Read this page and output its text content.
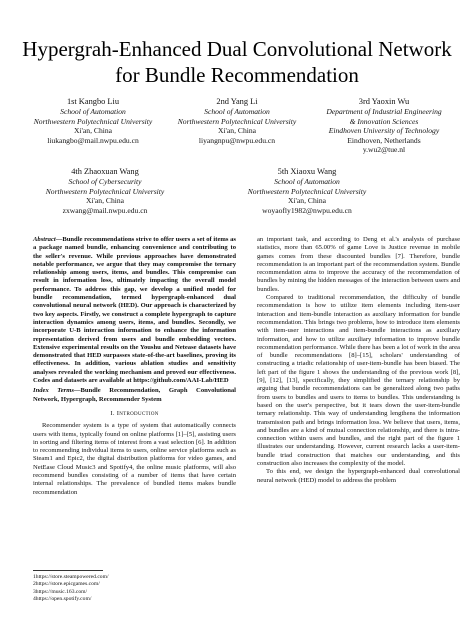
Hypergrah-Enhanced Dual Convolutional Network for Bundle Recommendation
1st Kangbo Liu
School of Automation
Northwestern Polytechnical University
Xi'an, China
liukangbo@mail.nwpu.edu.cn
2nd Yang Li
School of Automation
Northwestern Polytechnical University
Xi'an, China
liyangnpu@nwpu.edu.cn
3rd Yaoxin Wu
Department of Industrial Engineering
& Innovation Sciences
Eindhoven University of Technology
Eindhoven, Netherlands
y.wu2@tue.nl
4th Zhaoxuan Wang
School of Cybersecurity
Northwestern Polytechnical University
Xi'an, China
zxwang@mail.nwpu.edu.cn
5th Xiaoxu Wang
School of Automation
Northwestern Polytechnical University
Xi'an, China
woyaofly1982@nwpu.edu.cn
Abstract—Bundle recommendations strive to offer users a set of items as a package named bundle, enhancing convenience and contributing to the seller's revenue. While previous approaches have demonstrated notable performance, we argue that they may compromise the ternary relationship among users, items, and bundles. This compromise can result in information loss, ultimately impacting the overall model performance. To address this gap, we develop a unified model for bundle recommendation, termed hypergraph-enhanced dual convolutional neural network (HED). Our approach is characterized by two key aspects. Firstly, we construct a complete hypergraph to capture interaction dynamics among users, items, and bundles. Secondly, we incorporate U-B interaction information to enhance the information representation derived from users and bundle embedding vectors. Extensive experimental results on the Youshu and Netease datasets have demonstrated that HED surpasses state-of-the-art baselines, proving its effectiveness. In addition, various ablation studies and sensitivity analyses revealed the working mechanism and proved our effectiveness. Codes and datasets are available at https://github.com/AAI-Lab/HED
Index Terms—Bundle Recommendation, Graph Convolutional Network, Hypergraph, Recommender System
I. Introduction

Recommender system is a type of system that automatically connects users with items, typically found on online platforms [1]–[5], assisting users in sorting and filtering items of interest from a vast selection [6]. In addition to recommending individual items to users, online service platforms such as Steam1 and Epic2, the digital distribution platforms for video games, and NetEase Cloud Music3 and Spotify4, the online music platforms, will also recommend bundles consisting of a number of items that have certain internal relationships. The prevalence of bundled items makes bundle recommendation

an important task, and according to Deng et al.'s analysis of purchase statistics, more than 65.00% of game Love is Justice revenue in mobile games comes from these discounted bundles [7]. Therefore, bundle recommendation is an important part of the recommendation system. Bundle recommendation aims to improve the accuracy of the recommendation of bundles by mining the hidden messages of the interaction between users and bundles.

Compared to traditional recommendation, the difficulty of bundle recommendation is how to utilize item elements including item-user interaction and item-bundle interaction as auxiliary information for bundle recommendation. This brings two problems, how to introduce item elements with item-user interactions and item-bundle interactions as auxiliary information, and how to utilize auxiliary information to improve bundle recommendation performance. While there has been a lot of work in the area of bundle recommendations [8]–[15], scholars' understanding of constructing a triadic relationship of user-item-bundle has been biased. The left part of the figure 1 shows the understanding of the previous work [8], [9], [12], [13], specifically, they simplified the ternary relationship by arguing that bundle recommendations can be generalized along two paths from users to bundles and users to items to bundles. This understanding is based on the user's perspective, but it tears down the user-item-bundle ternary relationship. This way of understanding lengthens the information transmission path and brings information loss. We believe that users, items, and bundles are a kind of mutual connection relationship, and there is intra-connection within users and bundles, and the right part of the figure 1 illustrates our understanding. However, current research lacks a user-item-bundle triad construction that matches our understanding, and this construction also increases the complexity of the model.

To this end, we design the hypergraph-enhanced dual convolutional neural network (HED) model to address the problem

1https://store.steampowered.com/
2https://store.epicgames.com/
3https://music.163.com/
4https://open.spotify.com/
